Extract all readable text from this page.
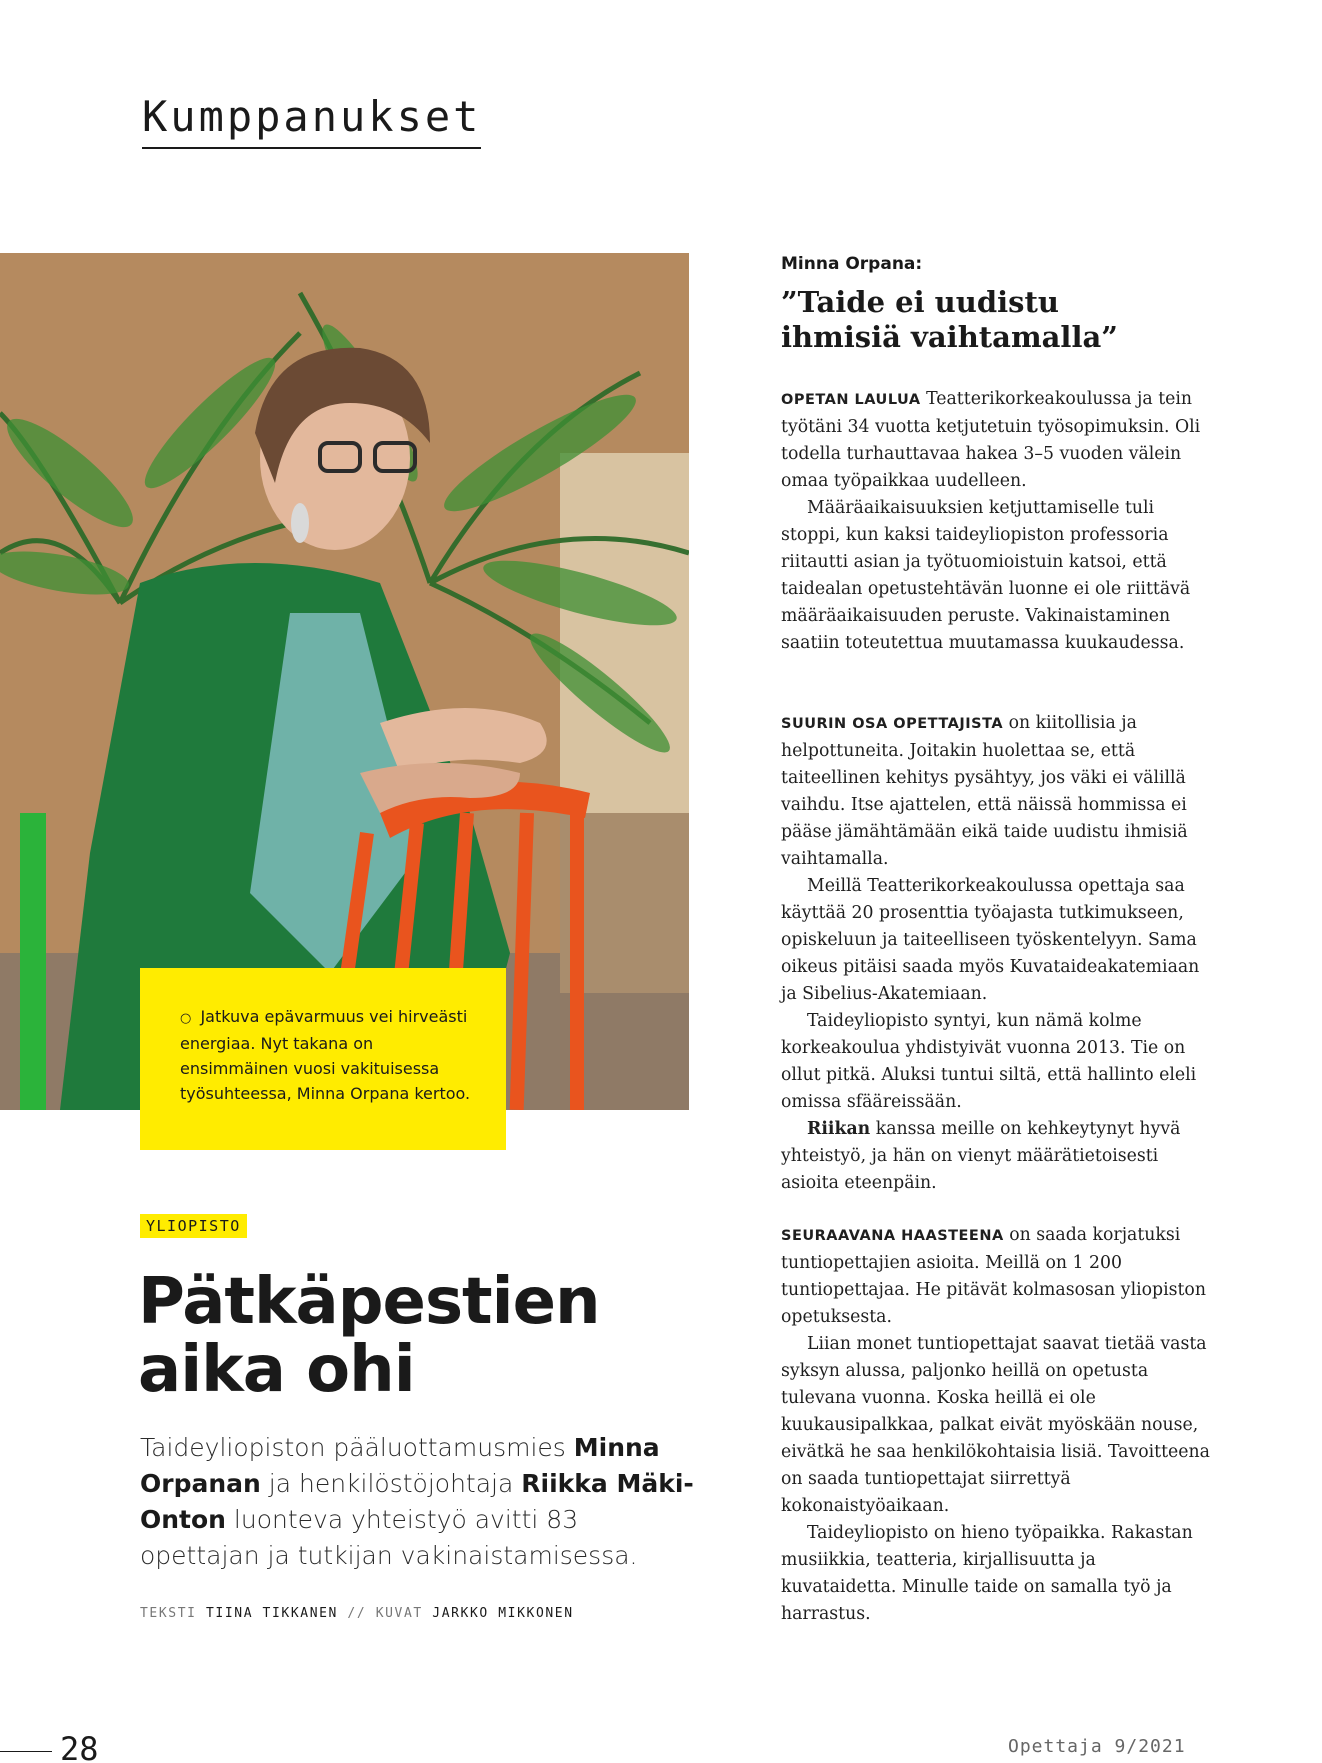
Kumppanukset

○ Jatkuva epävarmuus vei hirveästi energiaa. Nyt takana on ensimmäinen vuosi vakituisessa työsuhteessa, Minna Orpana kertoo.

YLIOPISTO
Pätkäpestien
aika ohi

Taideyliopiston pääluottamusmies Minna Orpanan ja henkilöstöjohtaja Riikka Mäki-Onton luonteva yhteistyö avitti 83 opettajan ja tutkijan vakinaistamisessa.

TEKSTI TIINA TIKKANEN // KUVAT JARKKO MIKKONEN
Minna Orpana:
”Taide ei uudistu ihmisiä vaihtamalla”

OPETAN LAULUA Teatterikorkeakoulussa ja tein työtäni 34 vuotta ketjutetuin työsopimuksin. Oli todella turhauttavaa hakea 3–5 vuoden välein omaa työpaikkaa uudelleen.

Määräaikaisuuksien ketjuttamiselle tuli stoppi, kun kaksi taideyliopiston professoria riitautti asian ja työtuomioistuin katsoi, että taidealan opetustehtävän luonne ei ole riittävä määräaikaisuuden peruste. Vakinaistaminen saatiin toteutettua muutamassa kuukaudessa.

SUURIN OSA OPETTAJISTA on kiitollisia ja helpottuneita. Joitakin huolettaa se, että taiteellinen kehitys pysähtyy, jos väki ei välillä vaihdu. Itse ajattelen, että näissä hommissa ei pääse jämähtämään eikä taide uudistu ihmisiä vaihtamalla.

Meillä Teatterikorkeakoulussa opettaja saa käyttää 20 prosenttia työajasta tutkimukseen, opiskeluun ja taiteelliseen työskentelyyn. Sama oikeus pitäisi saada myös Kuvataideakatemiaan ja Sibelius-Akatemiaan.

Taideyliopisto syntyi, kun nämä kolme korkeakoulua yhdistyivät vuonna 2013. Tie on ollut pitkä. Aluksi tuntui siltä, että hallinto eleli omissa sfääreissään.

Riikan kanssa meille on kehkeytynyt hyvä yhteistyö, ja hän on vienyt määrätietoisesti asioita eteenpäin.

SEURAAVANA HAASTEENA on saada korjatuksi tuntiopettajien asioita. Meillä on 1 200 tuntiopettajaa. He pitävät kolmasosan yliopiston opetuksesta.

Liian monet tuntiopettajat saavat tietää vasta syksyn alussa, paljonko heillä on opetusta tulevana vuonna. Koska heillä ei ole kuukausipalkkaa, palkat eivät myöskään nouse, eivätkä he saa henkilökohtaisia lisiä. Tavoitteena on saada tuntiopettajat siirrettyä kokonaistyöaikaan.

Taideyliopisto on hieno työpaikka. Rakastan musiikkia, teatteria, kirjallisuutta ja kuvataidetta. Minulle taide on samalla työ ja harrastus.

28	Opettaja 9/2021
